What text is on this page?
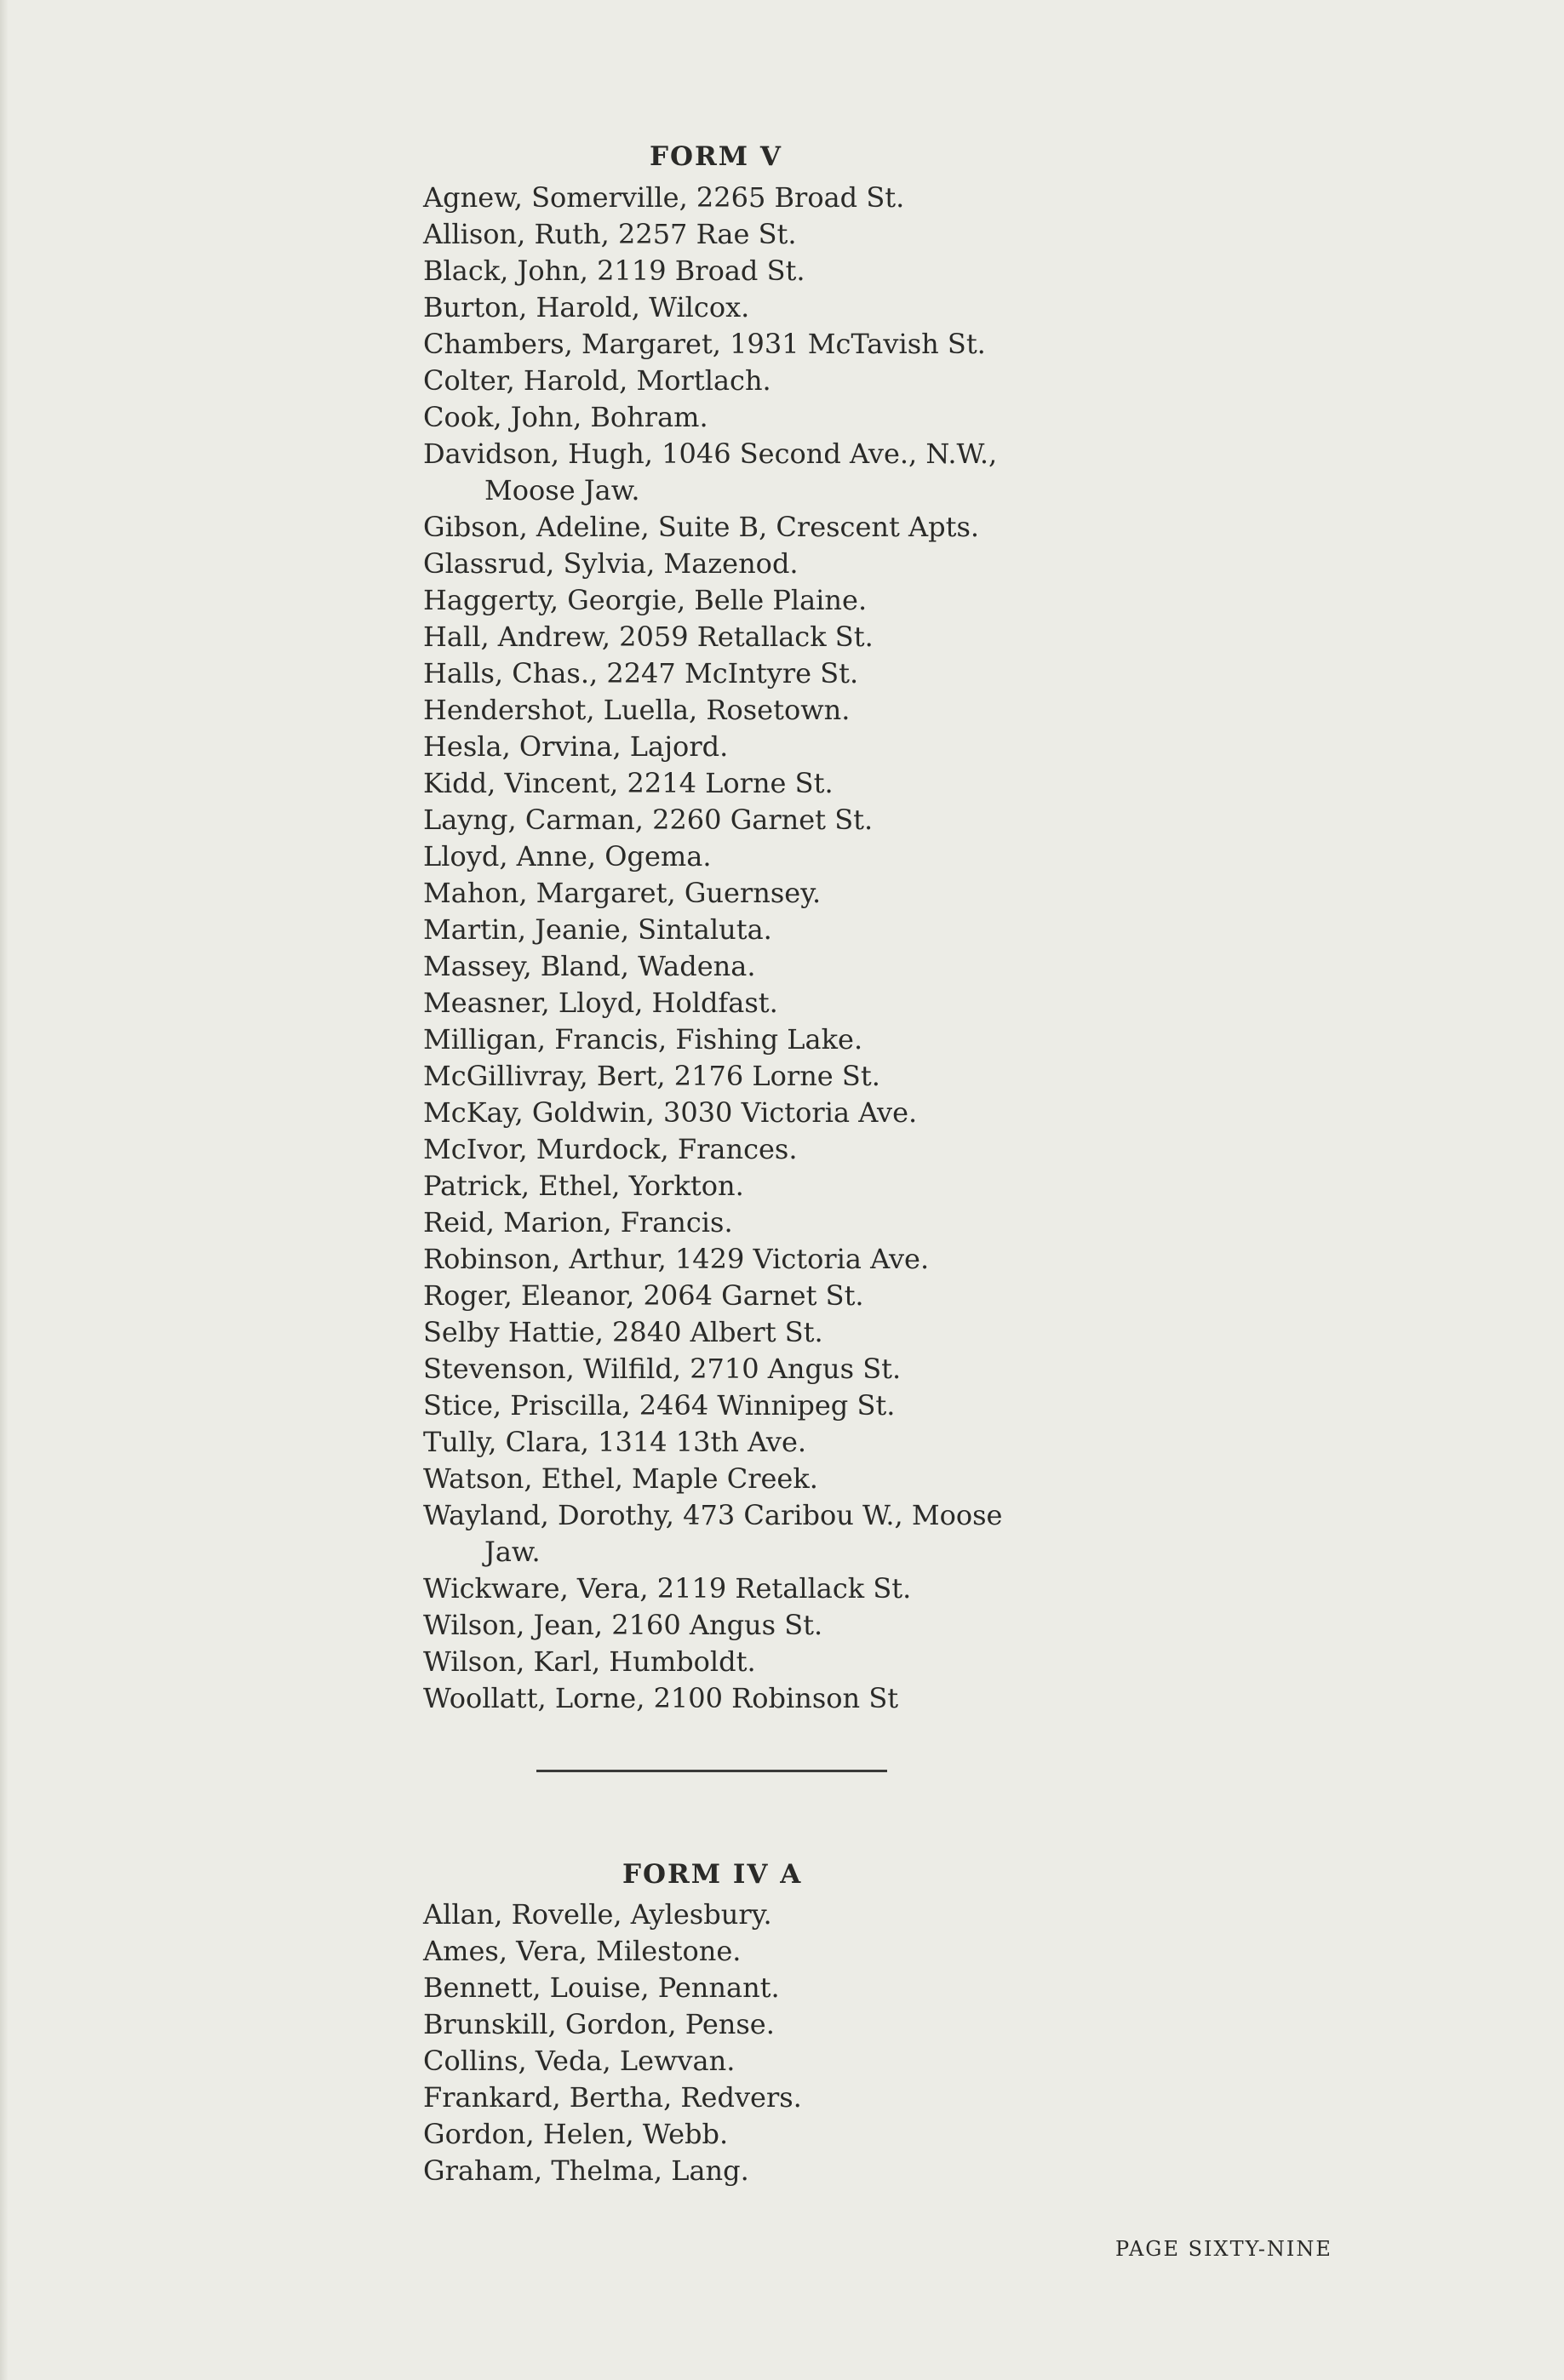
FORM V
Agnew, Somerville, 2265 Broad St.
Allison, Ruth, 2257 Rae St.
Black, John, 2119 Broad St.
Burton, Harold, Wilcox.
Chambers, Margaret, 1931 McTavish St.
Colter, Harold, Mortlach.
Cook, John, Bohram.
Davidson, Hugh, 1046 Second Ave., N.W.,
Moose Jaw.
Gibson, Adeline, Suite B, Crescent Apts.
Glassrud, Sylvia, Mazenod.
Haggerty, Georgie, Belle Plaine.
Hall, Andrew, 2059 Retallack St.
Halls, Chas., 2247 McIntyre St.
Hendershot, Luella, Rosetown.
Hesla, Orvina, Lajord.
Kidd, Vincent, 2214 Lorne St.
Layng, Carman, 2260 Garnet St.
Lloyd, Anne, Ogema.
Mahon, Margaret, Guernsey.
Martin, Jeanie, Sintaluta.
Massey, Bland, Wadena.
Measner, Lloyd, Holdfast.
Milligan, Francis, Fishing Lake.
McGillivray, Bert, 2176 Lorne St.
McKay, Goldwin, 3030 Victoria Ave.
McIvor, Murdock, Frances.
Patrick, Ethel, Yorkton.
Reid, Marion, Francis.
Robinson, Arthur, 1429 Victoria Ave.
Roger, Eleanor, 2064 Garnet St.
Selby Hattie, 2840 Albert St.
Stevenson, Wilfild, 2710 Angus St.
Stice, Priscilla, 2464 Winnipeg St.
Tully, Clara, 1314 13th Ave.
Watson, Ethel, Maple Creek.
Wayland, Dorothy, 473 Caribou W., Moose
Jaw.
Wickware, Vera, 2119 Retallack St.
Wilson, Jean, 2160 Angus St.
Wilson, Karl, Humboldt.
Woollatt, Lorne, 2100 Robinson St
FORM IV A
Allan, Rovelle, Aylesbury.
Ames, Vera, Milestone.
Bennett, Louise, Pennant.
Brunskill, Gordon, Pense.
Collins, Veda, Lewvan.
Frankard, Bertha, Redvers.
Gordon, Helen, Webb.
Graham, Thelma, Lang.
PAGE SIXTY-NINE
